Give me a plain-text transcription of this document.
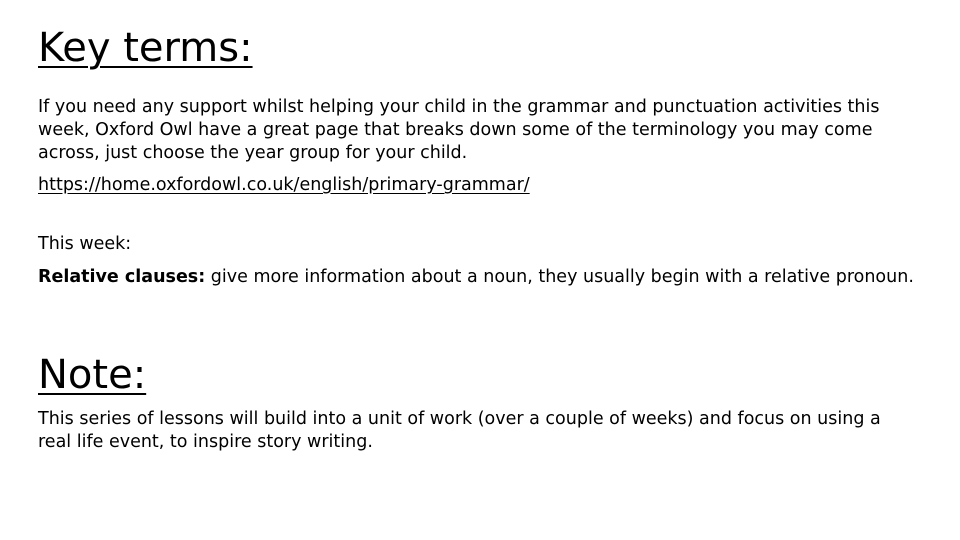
Key terms:

If you need any support whilst helping your child in the grammar and punctuation activities this week, Oxford Owl have a great page that breaks down some of the terminology you may come across, just choose the year group for your child.

https://home.oxfordowl.co.uk/english/primary-grammar/

This week:

Relative clauses: give more information about a noun, they usually begin with a relative pronoun.

Note:

This series of lessons will build into a unit of work (over a couple of weeks) and focus on using a real life event, to inspire story writing.
